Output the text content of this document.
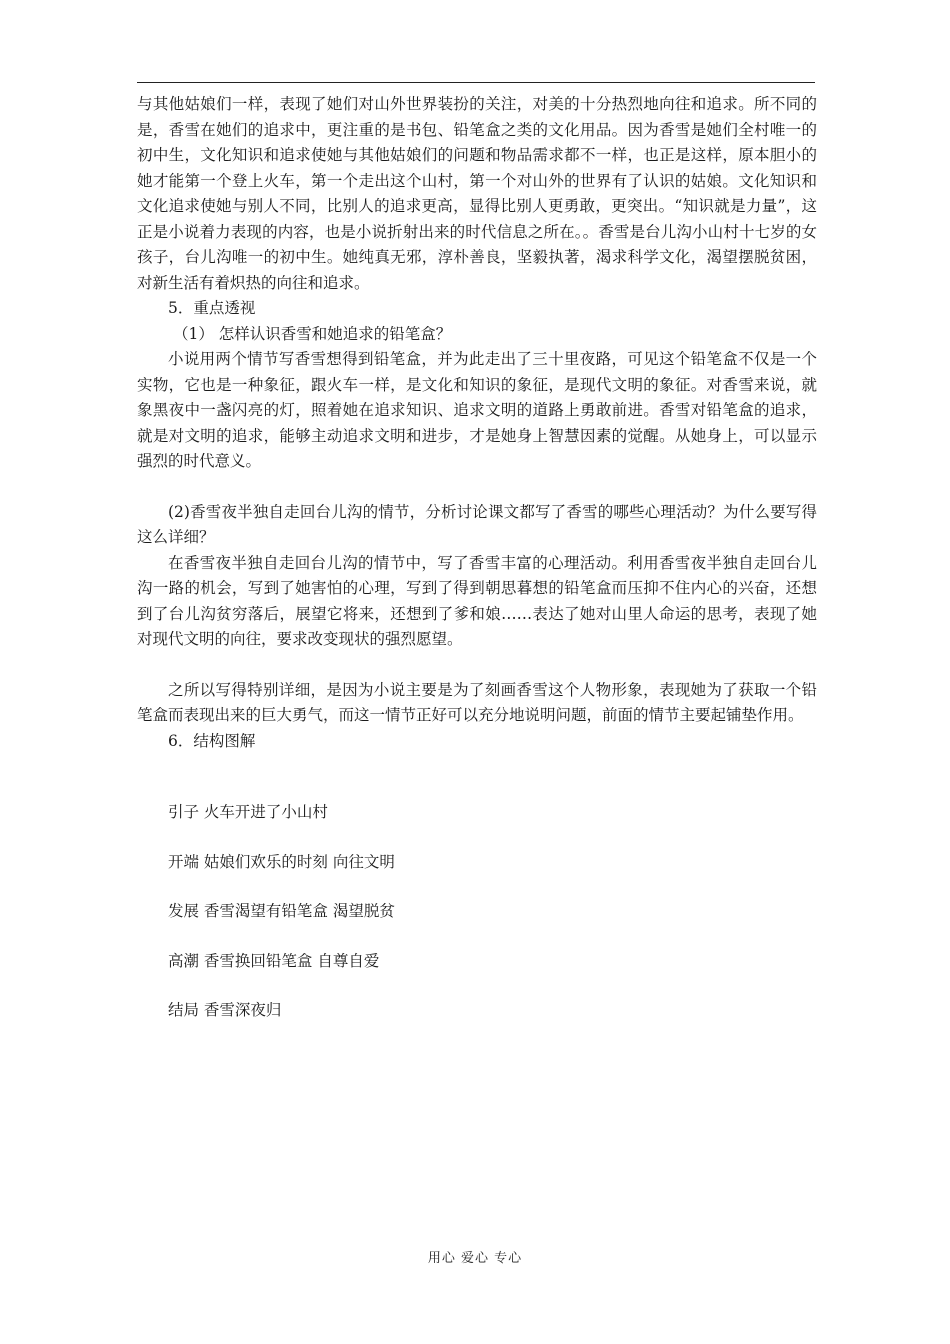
与其他姑娘们一样，表现了她们对山外世界装扮的关注，对美的十分热烈地向往和追求。所不同的是，香雪在她们的追求中，更注重的是书包、铅笔盒之类的文化用品。因为香雪是她们全村唯一的初中生，文化知识和追求使她与其他姑娘们的问题和物品需求都不一样，也正是这样，原本胆小的她才能第一个登上火车，第一个走出这个山村，第一个对山外的世界有了认识的姑娘。文化知识和文化追求使她与别人不同，比别人的追求更高，显得比别人更勇敢，更突出。“知识就是力量”，这正是小说着力表现的内容，也是小说折射出来的时代信息之所在。。香雪是台儿沟小山村十七岁的女孩子，台儿沟唯一的初中生。她纯真无邪，淳朴善良，坚毅执著，渴求科学文化，渴望摆脱贫困，对新生活有着炽热的向往和追求。

5．重点透视

（1） 怎样认识香雪和她追求的铅笔盒？

小说用两个情节写香雪想得到铅笔盒，并为此走出了三十里夜路，可见这个铅笔盒不仅是一个实物，它也是一种象征，跟火车一样，是文化和知识的象征，是现代文明的象征。对香雪来说，就象黑夜中一盏闪亮的灯，照着她在追求知识、追求文明的道路上勇敢前进。香雪对铅笔盒的追求，就是对文明的追求，能够主动追求文明和进步，才是她身上智慧因素的觉醒。从她身上，可以显示强烈的时代意义。

(2)香雪夜半独自走回台儿沟的情节，分析讨论课文都写了香雪的哪些心理活动？为什么要写得这么详细？

在香雪夜半独自走回台儿沟的情节中，写了香雪丰富的心理活动。利用香雪夜半独自走回台儿沟一路的机会，写到了她害怕的心理，写到了得到朝思暮想的铅笔盒而压抑不住内心的兴奋，还想到了台儿沟贫穷落后，展望它将来，还想到了爹和娘……表达了她对山里人命运的思考，表现了她对现代文明的向往，要求改变现状的强烈愿望。

之所以写得特别详细，是因为小说主要是为了刻画香雪这个人物形象，表现她为了获取一个铅笔盒而表现出来的巨大勇气，而这一情节正好可以充分地说明问题，前面的情节主要起铺垫作用。

6．结构图解

引子 火车开进了小山村

开端 姑娘们欢乐的时刻 向往文明

发展 香雪渴望有铅笔盒 渴望脱贫

高潮 香雪换回铅笔盒 自尊自爱

结局 香雪深夜归

用心 爱心 专心
